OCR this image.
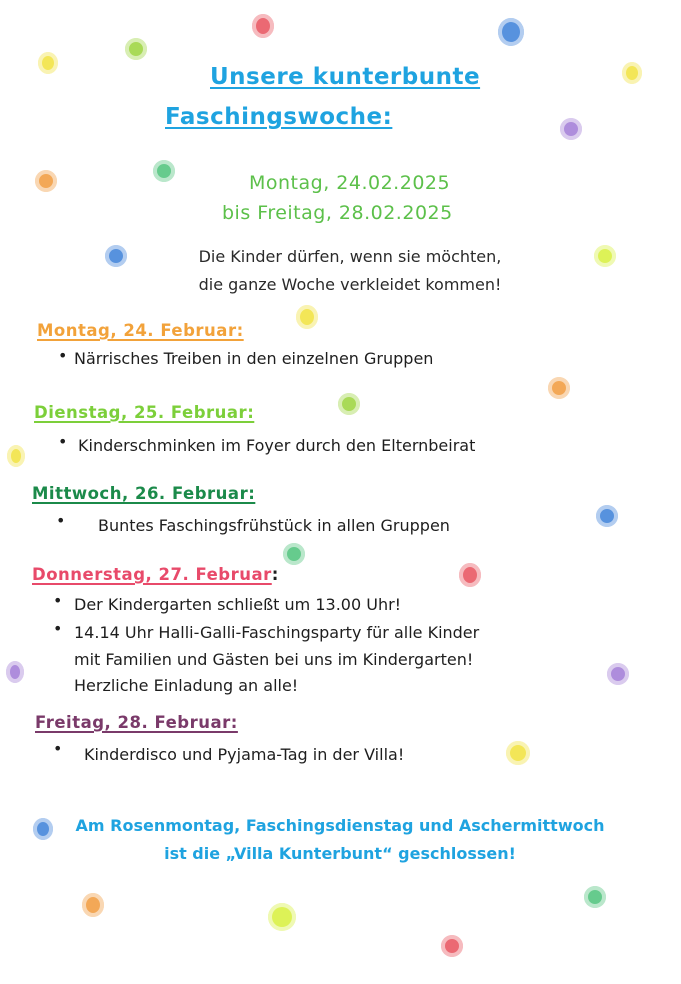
Unsere kunterbunte
Faschingswoche:
Montag, 24.02.2025
bis Freitag, 28.02.2025
Die Kinder dürfen, wenn sie möchten,
die ganze Woche verkleidet kommen!
Montag, 24. Februar:
• Närrisches Treiben in den einzelnen Gruppen
Dienstag, 25. Februar:
• Kinderschminken im Foyer durch den Elternbeirat
Mittwoch, 26. Februar:
• Buntes Faschingsfrühstück in allen Gruppen
Donnerstag, 27. Februar:
• Der Kindergarten schließt um 13.00 Uhr!
• 14.14 Uhr Halli-Galli-Faschingsparty für alle Kinder
mit Familien und Gästen bei uns im Kindergarten!
Herzliche Einladung an alle!
Freitag, 28. Februar:
• Kinderdisco und Pyjama-Tag in der Villa!
Am Rosenmontag, Faschingsdienstag und Aschermittwoch
ist die „Villa Kunterbunt“ geschlossen!
